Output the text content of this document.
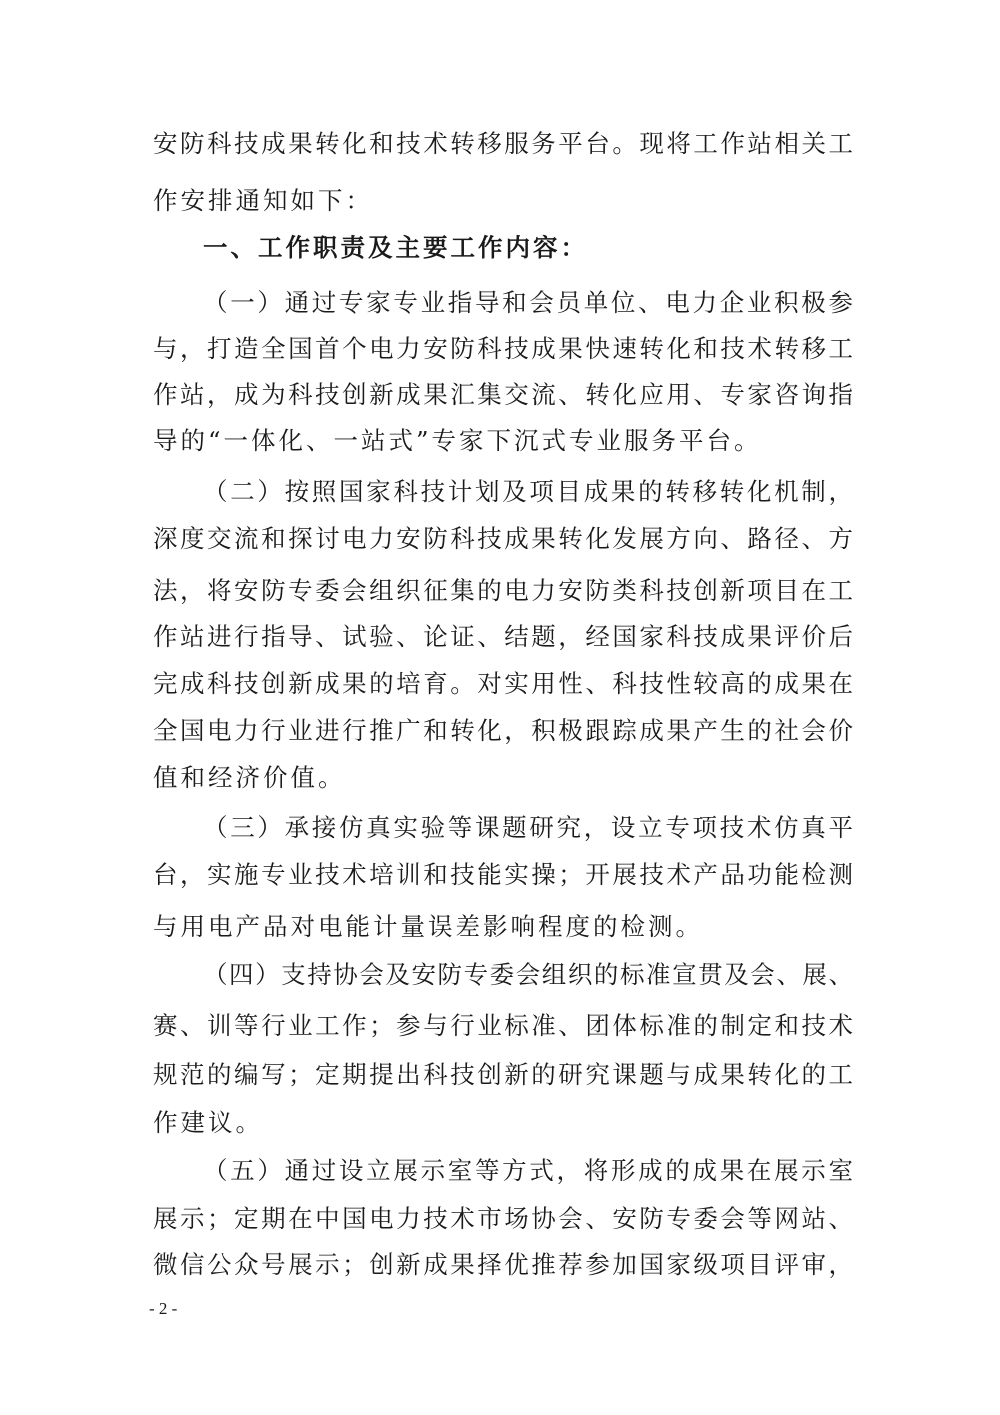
安防科技成果转化和技术转移服务平台。现将工作站相关工
作安排通知如下：
一、工作职责及主要工作内容：
（一）通过专家专业指导和会员单位、电力企业积极参
与，打造全国首个电力安防科技成果快速转化和技术转移工
作站，成为科技创新成果汇集交流、转化应用、专家咨询指
导的“一体化、一站式”专家下沉式专业服务平台。
（二）按照国家科技计划及项目成果的转移转化机制，
深度交流和探讨电力安防科技成果转化发展方向、路径、方
法，将安防专委会组织征集的电力安防类科技创新项目在工
作站进行指导、试验、论证、结题，经国家科技成果评价后
完成科技创新成果的培育。对实用性、科技性较高的成果在
全国电力行业进行推广和转化，积极跟踪成果产生的社会价
值和经济价值。
（三）承接仿真实验等课题研究，设立专项技术仿真平
台，实施专业技术培训和技能实操；开展技术产品功能检测
与用电产品对电能计量误差影响程度的检测。
（四）支持协会及安防专委会组织的标准宣贯及会、展、
赛、训等行业工作；参与行业标准、团体标准的制定和技术
规范的编写；定期提出科技创新的研究课题与成果转化的工
作建议。
（五）通过设立展示室等方式，将形成的成果在展示室
展示；定期在中国电力技术市场协会、安防专委会等网站、
微信公众号展示；创新成果择优推荐参加国家级项目评审，
- 2 -
